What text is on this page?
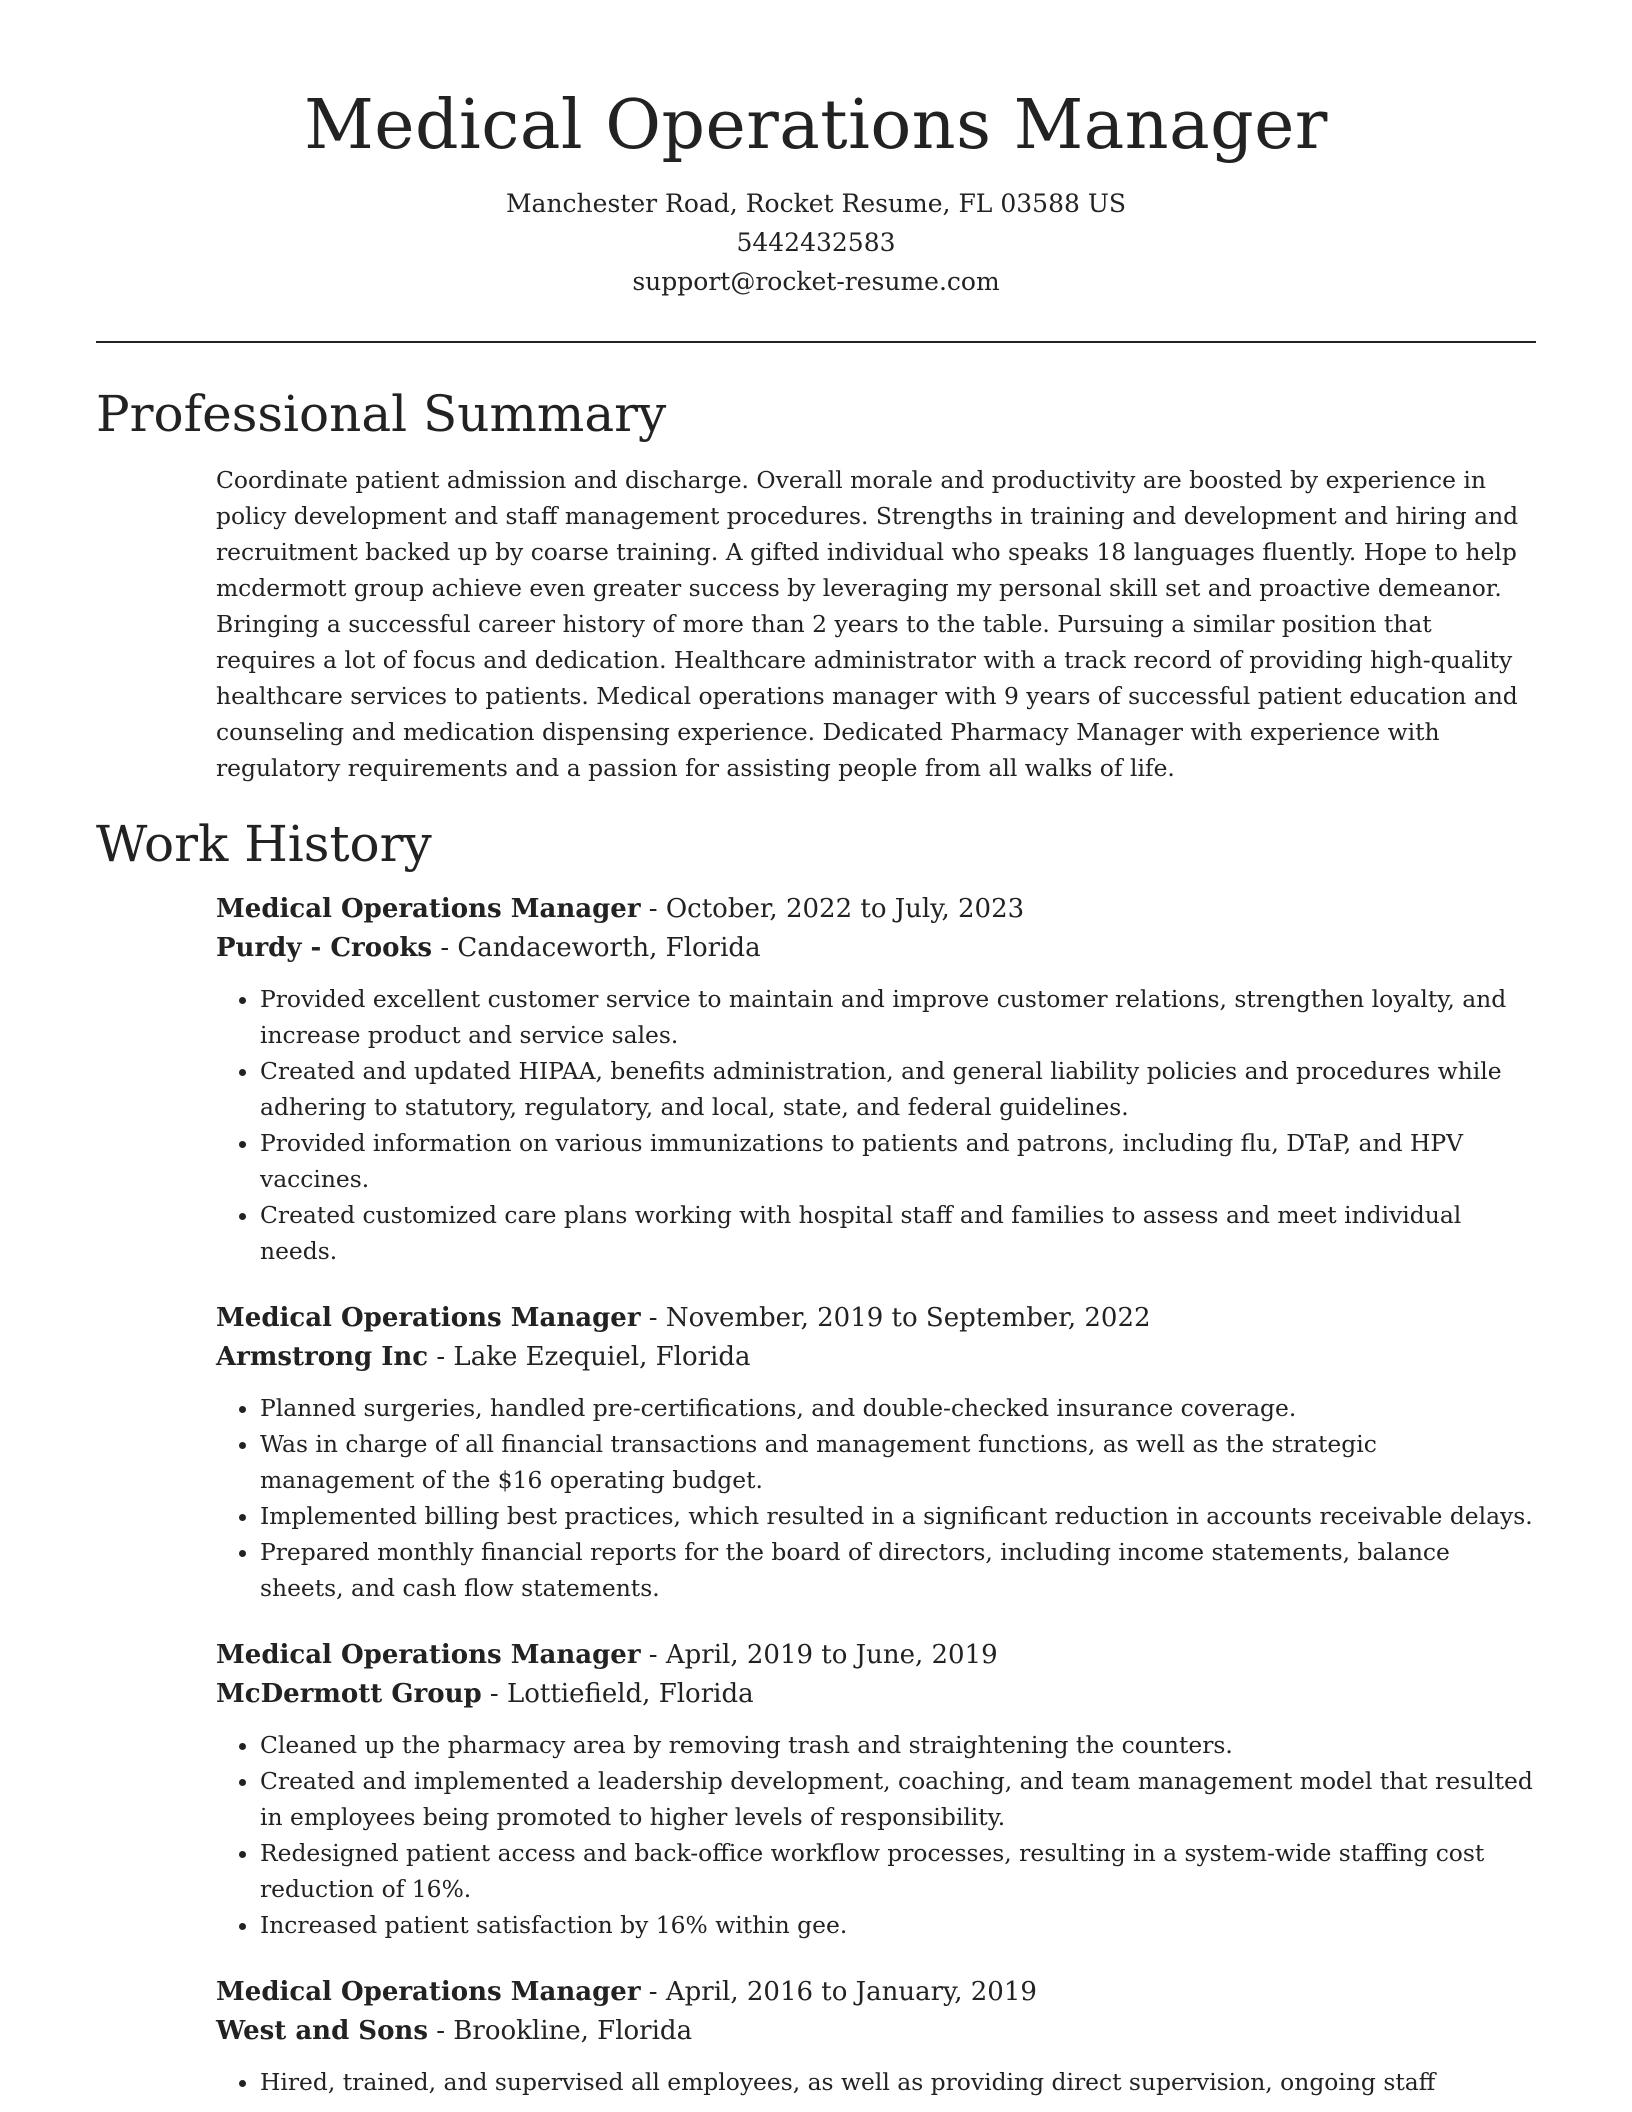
Medical Operations Manager
Manchester Road, Rocket Resume, FL 03588 US
5442432583
support@rocket-resume.com
Professional Summary
Coordinate patient admission and discharge. Overall morale and productivity are boosted by experience in policy development and staff management procedures. Strengths in training and development and hiring and recruitment backed up by coarse training. A gifted individual who speaks 18 languages fluently. Hope to help mcdermott group achieve even greater success by leveraging my personal skill set and proactive demeanor. Bringing a successful career history of more than 2 years to the table. Pursuing a similar position that requires a lot of focus and dedication. Healthcare administrator with a track record of providing high-quality healthcare services to patients. Medical operations manager with 9 years of successful patient education and counseling and medication dispensing experience. Dedicated Pharmacy Manager with experience with regulatory requirements and a passion for assisting people from all walks of life.
Work History
Medical Operations Manager - October, 2022 to July, 2023
Purdy - Crooks - Candaceworth, Florida
• Provided excellent customer service to maintain and improve customer relations, strengthen loyalty, and increase product and service sales.
• Created and updated HIPAA, benefits administration, and general liability policies and procedures while adhering to statutory, regulatory, and local, state, and federal guidelines.
• Provided information on various immunizations to patients and patrons, including flu, DTaP, and HPV vaccines.
• Created customized care plans working with hospital staff and families to assess and meet individual needs.
Medical Operations Manager - November, 2019 to September, 2022
Armstrong Inc - Lake Ezequiel, Florida
• Planned surgeries, handled pre-certifications, and double-checked insurance coverage.
• Was in charge of all financial transactions and management functions, as well as the strategic management of the $16 operating budget.
• Implemented billing best practices, which resulted in a significant reduction in accounts receivable delays.
• Prepared monthly financial reports for the board of directors, including income statements, balance sheets, and cash flow statements.
Medical Operations Manager - April, 2019 to June, 2019
McDermott Group - Lottiefield, Florida
• Cleaned up the pharmacy area by removing trash and straightening the counters.
• Created and implemented a leadership development, coaching, and team management model that resulted in employees being promoted to higher levels of responsibility.
• Redesigned patient access and back-office workflow processes, resulting in a system-wide staffing cost reduction of 16%.
• Increased patient satisfaction by 16% within gee.
Medical Operations Manager - April, 2016 to January, 2019
West and Sons - Brookline, Florida
• Hired, trained, and supervised all employees, as well as providing direct supervision, ongoing staff
